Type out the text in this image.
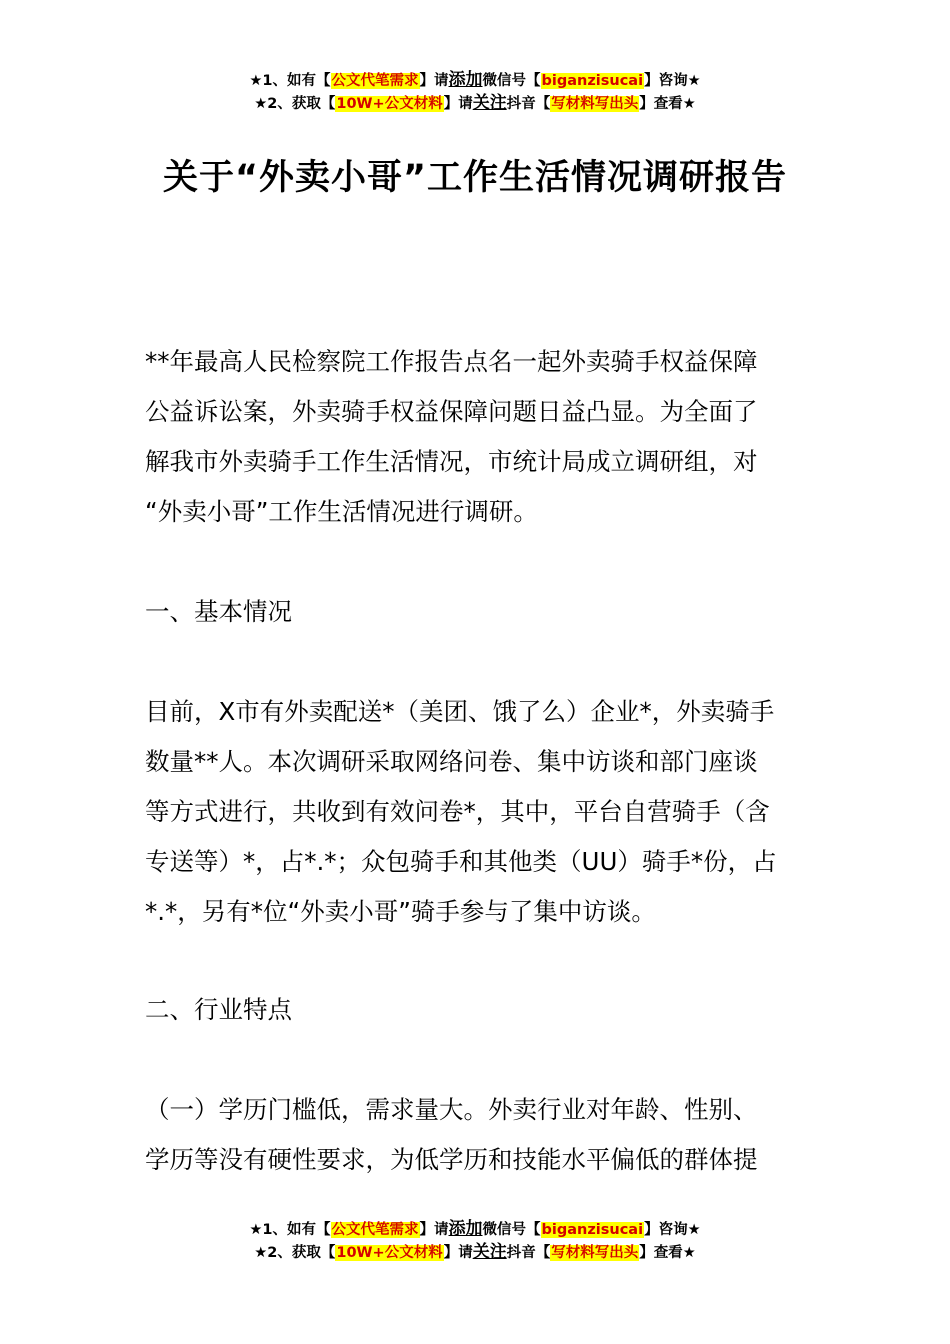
★1、如有【公文代笔需求】请添加微信号【biganzisucai】咨询★
★2、获取【10W+公文材料】请关注抖音【写材料写出头】查看★
关于“外卖小哥”工作生活情况调研报告
**年最高人民检察院工作报告点名一起外卖骑手权益保障
公益诉讼案，外卖骑手权益保障问题日益凸显。为全面了
解我市外卖骑手工作生活情况，市统计局成立调研组，对
“外卖小哥”工作生活情况进行调研。
一、基本情况
目前，X市有外卖配送*（美团、饿了么）企业*，外卖骑手
数量**人。本次调研采取网络问卷、集中访谈和部门座谈
等方式进行，共收到有效问卷*，其中，平台自营骑手（含
专送等）*，占*.*；众包骑手和其他类（UU）骑手*份，占
*.*，另有*位“外卖小哥”骑手参与了集中访谈。
二、行业特点
（一）学历门槛低，需求量大。外卖行业对年龄、性别、
学历等没有硬性要求，为低学历和技能水平偏低的群体提
★1、如有【公文代笔需求】请添加微信号【biganzisucai】咨询★
★2、获取【10W+公文材料】请关注抖音【写材料写出头】查看★
